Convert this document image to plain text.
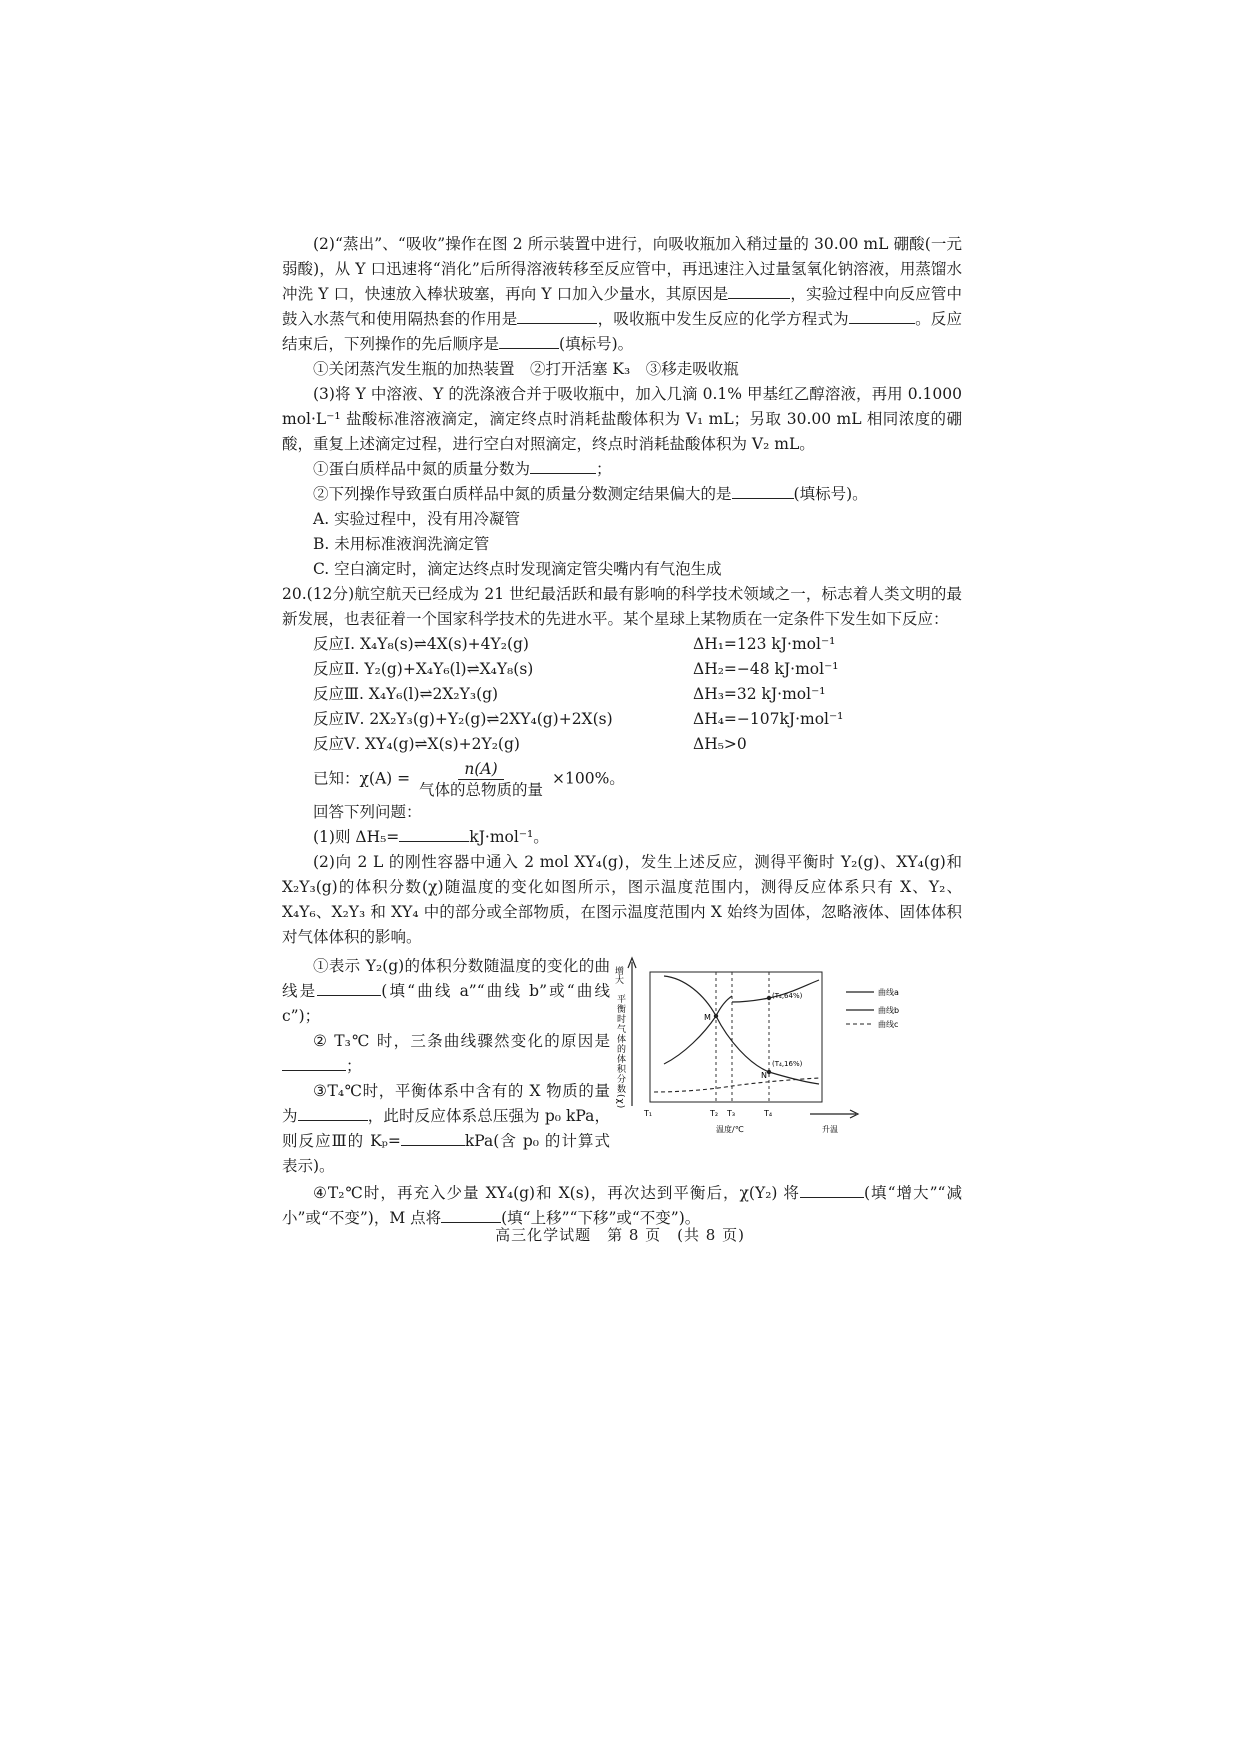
(2)“蒸出”、“吸收”操作在图 2 所示装置中进行，向吸收瓶加入稍过量的 30.00 mL 硼酸(一元弱酸)，从 Y 口迅速将“消化”后所得溶液转移至反应管中，再迅速注入过量氢氧化钠溶液，用蒸馏水冲洗 Y 口，快速放入棒状玻塞，再向 Y 口加入少量水，其原因是	，实验过程中向反应管中鼓入水蒸气和使用隔热套的作用是	，吸收瓶中发生反应的化学方程式为	。反应结束后，下列操作的先后顺序是	(填标号)。

①关闭蒸汽发生瓶的加热装置　②打开活塞 K₃　③移走吸收瓶

(3)将 Y 中溶液、Y 的洗涤液合并于吸收瓶中，加入几滴 0.1% 甲基红乙醇溶液，再用 0.1000 mol·L⁻¹ 盐酸标准溶液滴定，滴定终点时消耗盐酸体积为 V₁ mL；另取 30.00 mL 相同浓度的硼酸，重复上述滴定过程，进行空白对照滴定，终点时消耗盐酸体积为 V₂ mL。

①蛋白质样品中氮的质量分数为	；

②下列操作导致蛋白质样品中氮的质量分数测定结果偏大的是	(填标号)。

A. 实验过程中，没有用冷凝管

B. 未用标准液润洗滴定管

C. 空白滴定时，滴定达终点时发现滴定管尖嘴内有气泡生成

20.(12分)航空航天已经成为 21 世纪最活跃和最有影响的科学技术领域之一，标志着人类文明的最新发展，也表征着一个国家科学技术的先进水平。某个星球上某物质在一定条件下发生如下反应：

反应Ⅰ. X₄Y₈(s)⇌4X(s)+4Y₂(g)	ΔH₁=123 kJ·mol⁻¹
反应Ⅱ. Y₂(g)+X₄Y₆(l)⇌X₄Y₈(s)	ΔH₂=−48 kJ·mol⁻¹
反应Ⅲ. X₄Y₆(l)⇌2X₂Y₃(g)	ΔH₃=32 kJ·mol⁻¹
反应Ⅳ. 2X₂Y₃(g)+Y₂(g)⇌2XY₄(g)+2X(s)	ΔH₄=−107kJ·mol⁻¹
反应Ⅴ. XY₄(g)⇌X(s)+2Y₂(g)	ΔH₅>0

已知：$\chi(A) = \frac{n(A)}{\text{气体的总物质的量}} \times 100\%$。

回答下列问题：

(1)则 ΔH₅=	kJ·mol⁻¹。

(2)向 2 L 的刚性容器中通入 2 mol XY₄(g)，发生上述反应，测得平衡时 Y₂(g)、XY₄(g)和 X₂Y₃(g)的体积分数(χ)随温度的变化如图所示，图示温度范围内，测得反应体系只有 X、Y₂、X₄Y₆、X₂Y₃ 和 XY₄ 中的部分或全部物质，在图示温度范围内 X 始终为固体，忽略液体、固体体积对气体体积的影响。

①表示 Y₂(g)的体积分数随温度的变化的曲线是	(填“曲线 a”“曲线 b”或“曲线 c”)；

② T₃℃ 时，三条曲线骤然变化的原因是；

③T₄℃时，平衡体系中含有的 X 物质的量为	，此时反应体系总压强为 p₀ kPa，则反应Ⅲ的 Kₚ=	kPa(含 p₀ 的计算式表示)。

增大
平衡时气体的体积分数(χ)	M
(T₄,64%)
N
(T₄,16%)
T₁	T₂ T₃	T₄
温度/℃	升温
曲线a
曲线b
曲线c

④T₂℃时，再充入少量 XY₄(g)和 X(s)，再次达到平衡后，χ(Y₂) 将	(填“增大”“减小”或“不变”)，M 点将	(填“上移”“下移”或“不变”)。

高三化学试题　第 8 页　(共 8 页)
